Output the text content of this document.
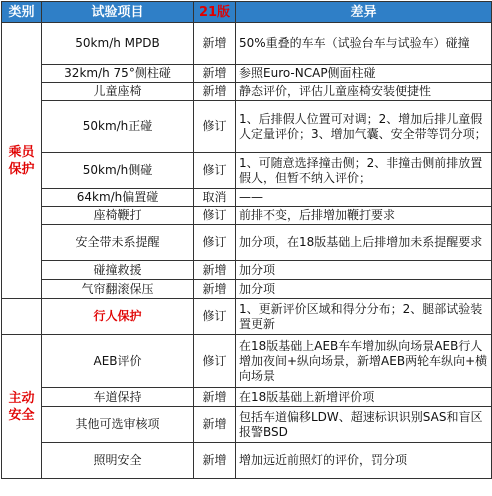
类别	试验项目	21版	差异
乘员保护	50km/h MPDB	新增	50%重叠的车车（试验台车与试验车）碰撞
	32km/h 75°侧柱碰	新增	参照Euro-NCAP侧面柱碰
	儿童座椅	新增	静态评价，评估儿童座椅安装便捷性
	50km/h正碰	修订	1、后排假人位置可对调；2、增加后排儿童假人定量评价；3、增加气囊、安全带等罚分项；
	50km/h侧碰	修订	1、可随意选择撞击侧；2、非撞击侧前排放置假人，但暂不纳入评价；
	64km/h偏置碰	取消	——
	座椅鞭打	修订	前排不变，后排增加鞭打要求
	安全带未系提醒	修订	加分项，在18版基础上后排增加未系提醒要求
	碰撞救援	新增	加分项
	气帘翻滚保压	新增	加分项
	行人保护	修订	1、更新评价区域和得分分布；2、腿部试验装置更新
主动安全	AEB评价	修订	在18版基础上AEB车车增加纵向场景AEB行人增加夜间+纵向场景，新增AEB两轮车纵向+横向场景
	车道保持	新增	在18版基础上新增评价项
	其他可选审核项	新增	包括车道偏移LDW、超速标识识别SAS和盲区报警BSD
	照明安全	新增	增加远近前照灯的评价，罚分项
